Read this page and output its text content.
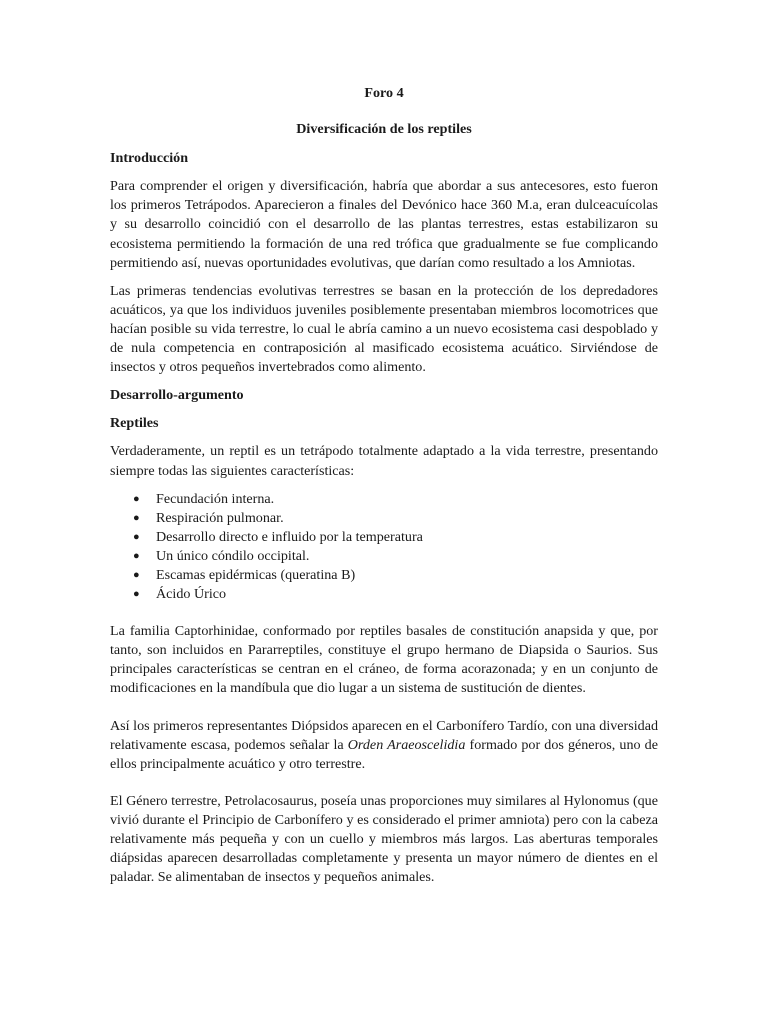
Foro 4
Diversificación de los reptiles
Introducción

Para comprender el origen y diversificación, habría que abordar a sus antecesores, esto fueron los primeros Tetrápodos. Aparecieron a finales del Devónico hace 360 M.a, eran dulceacuícolas y su desarrollo coincidió con el desarrollo de las plantas terrestres, estas estabilizaron su ecosistema permitiendo la formación de una red trófica que gradualmente se fue complicando permitiendo así, nuevas oportunidades evolutivas, que darían como resultado a los Amniotas.

Las primeras tendencias evolutivas terrestres se basan en la protección de los depredadores acuáticos, ya que los individuos juveniles posiblemente presentaban miembros locomotrices que hacían posible su vida terrestre, lo cual le abría camino a un nuevo ecosistema casi despoblado y de nula competencia en contraposición al masificado ecosistema acuático. Sirviéndose de insectos y otros pequeños invertebrados como alimento.

Desarrollo-argumento
Reptiles

Verdaderamente, un reptil es un tetrápodo totalmente adaptado a la vida terrestre, presentando siempre todas las siguientes características:

● Fecundación interna.
● Respiración pulmonar.
● Desarrollo directo e influido por la temperatura
● Un único cóndilo occipital.
● Escamas epidérmicas (queratina B)
● Ácido Úrico

La familia Captorhinidae, conformado por reptiles basales de constitución anapsida y que, por tanto, son incluidos en Pararreptiles, constituye el grupo hermano de Diapsida o Saurios. Sus principales características se centran en el cráneo, de forma acorazonada; y en un conjunto de modificaciones en la mandíbula que dio lugar a un sistema de sustitución de dientes.

Así los primeros representantes Diópsidos aparecen en el Carbonífero Tardío, con una diversidad relativamente escasa, podemos señalar la Orden Araeoscelidia formado por dos géneros, uno de ellos principalmente acuático y otro terrestre.

El Género terrestre, Petrolacosaurus, poseía unas proporciones muy similares al Hylonomus (que vivió durante el Principio de Carbonífero y es considerado el primer amniota) pero con la cabeza relativamente más pequeña y con un cuello y miembros más largos. Las aberturas temporales diápsidas aparecen desarrolladas completamente y presenta un mayor número de dientes en el paladar. Se alimentaban de insectos y pequeños animales.
